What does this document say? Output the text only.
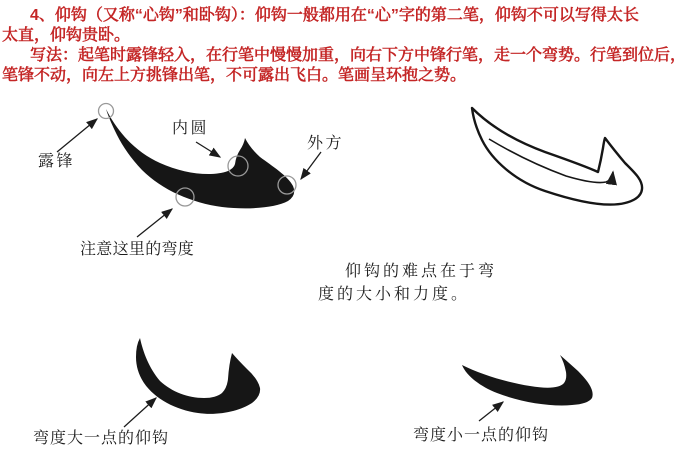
4、仰钩（又称“心钩”和卧钩）：仰钩一般都用在“心”字的第二笔，仰钩不可以写得太长
太直，仰钩贵卧。
写法：起笔时露锋轻入，在行笔中慢慢加重，向右下方中锋行笔，走一个弯势。行笔到位后，
笔锋不动，向左上方挑锋出笔，不可露出飞白。笔画呈环抱之势。
露锋
内圆
外方
注意这里的弯度
仰钩的难点在于弯
度的大小和力度。
弯度大一点的仰钩	弯度小一点的仰钩
